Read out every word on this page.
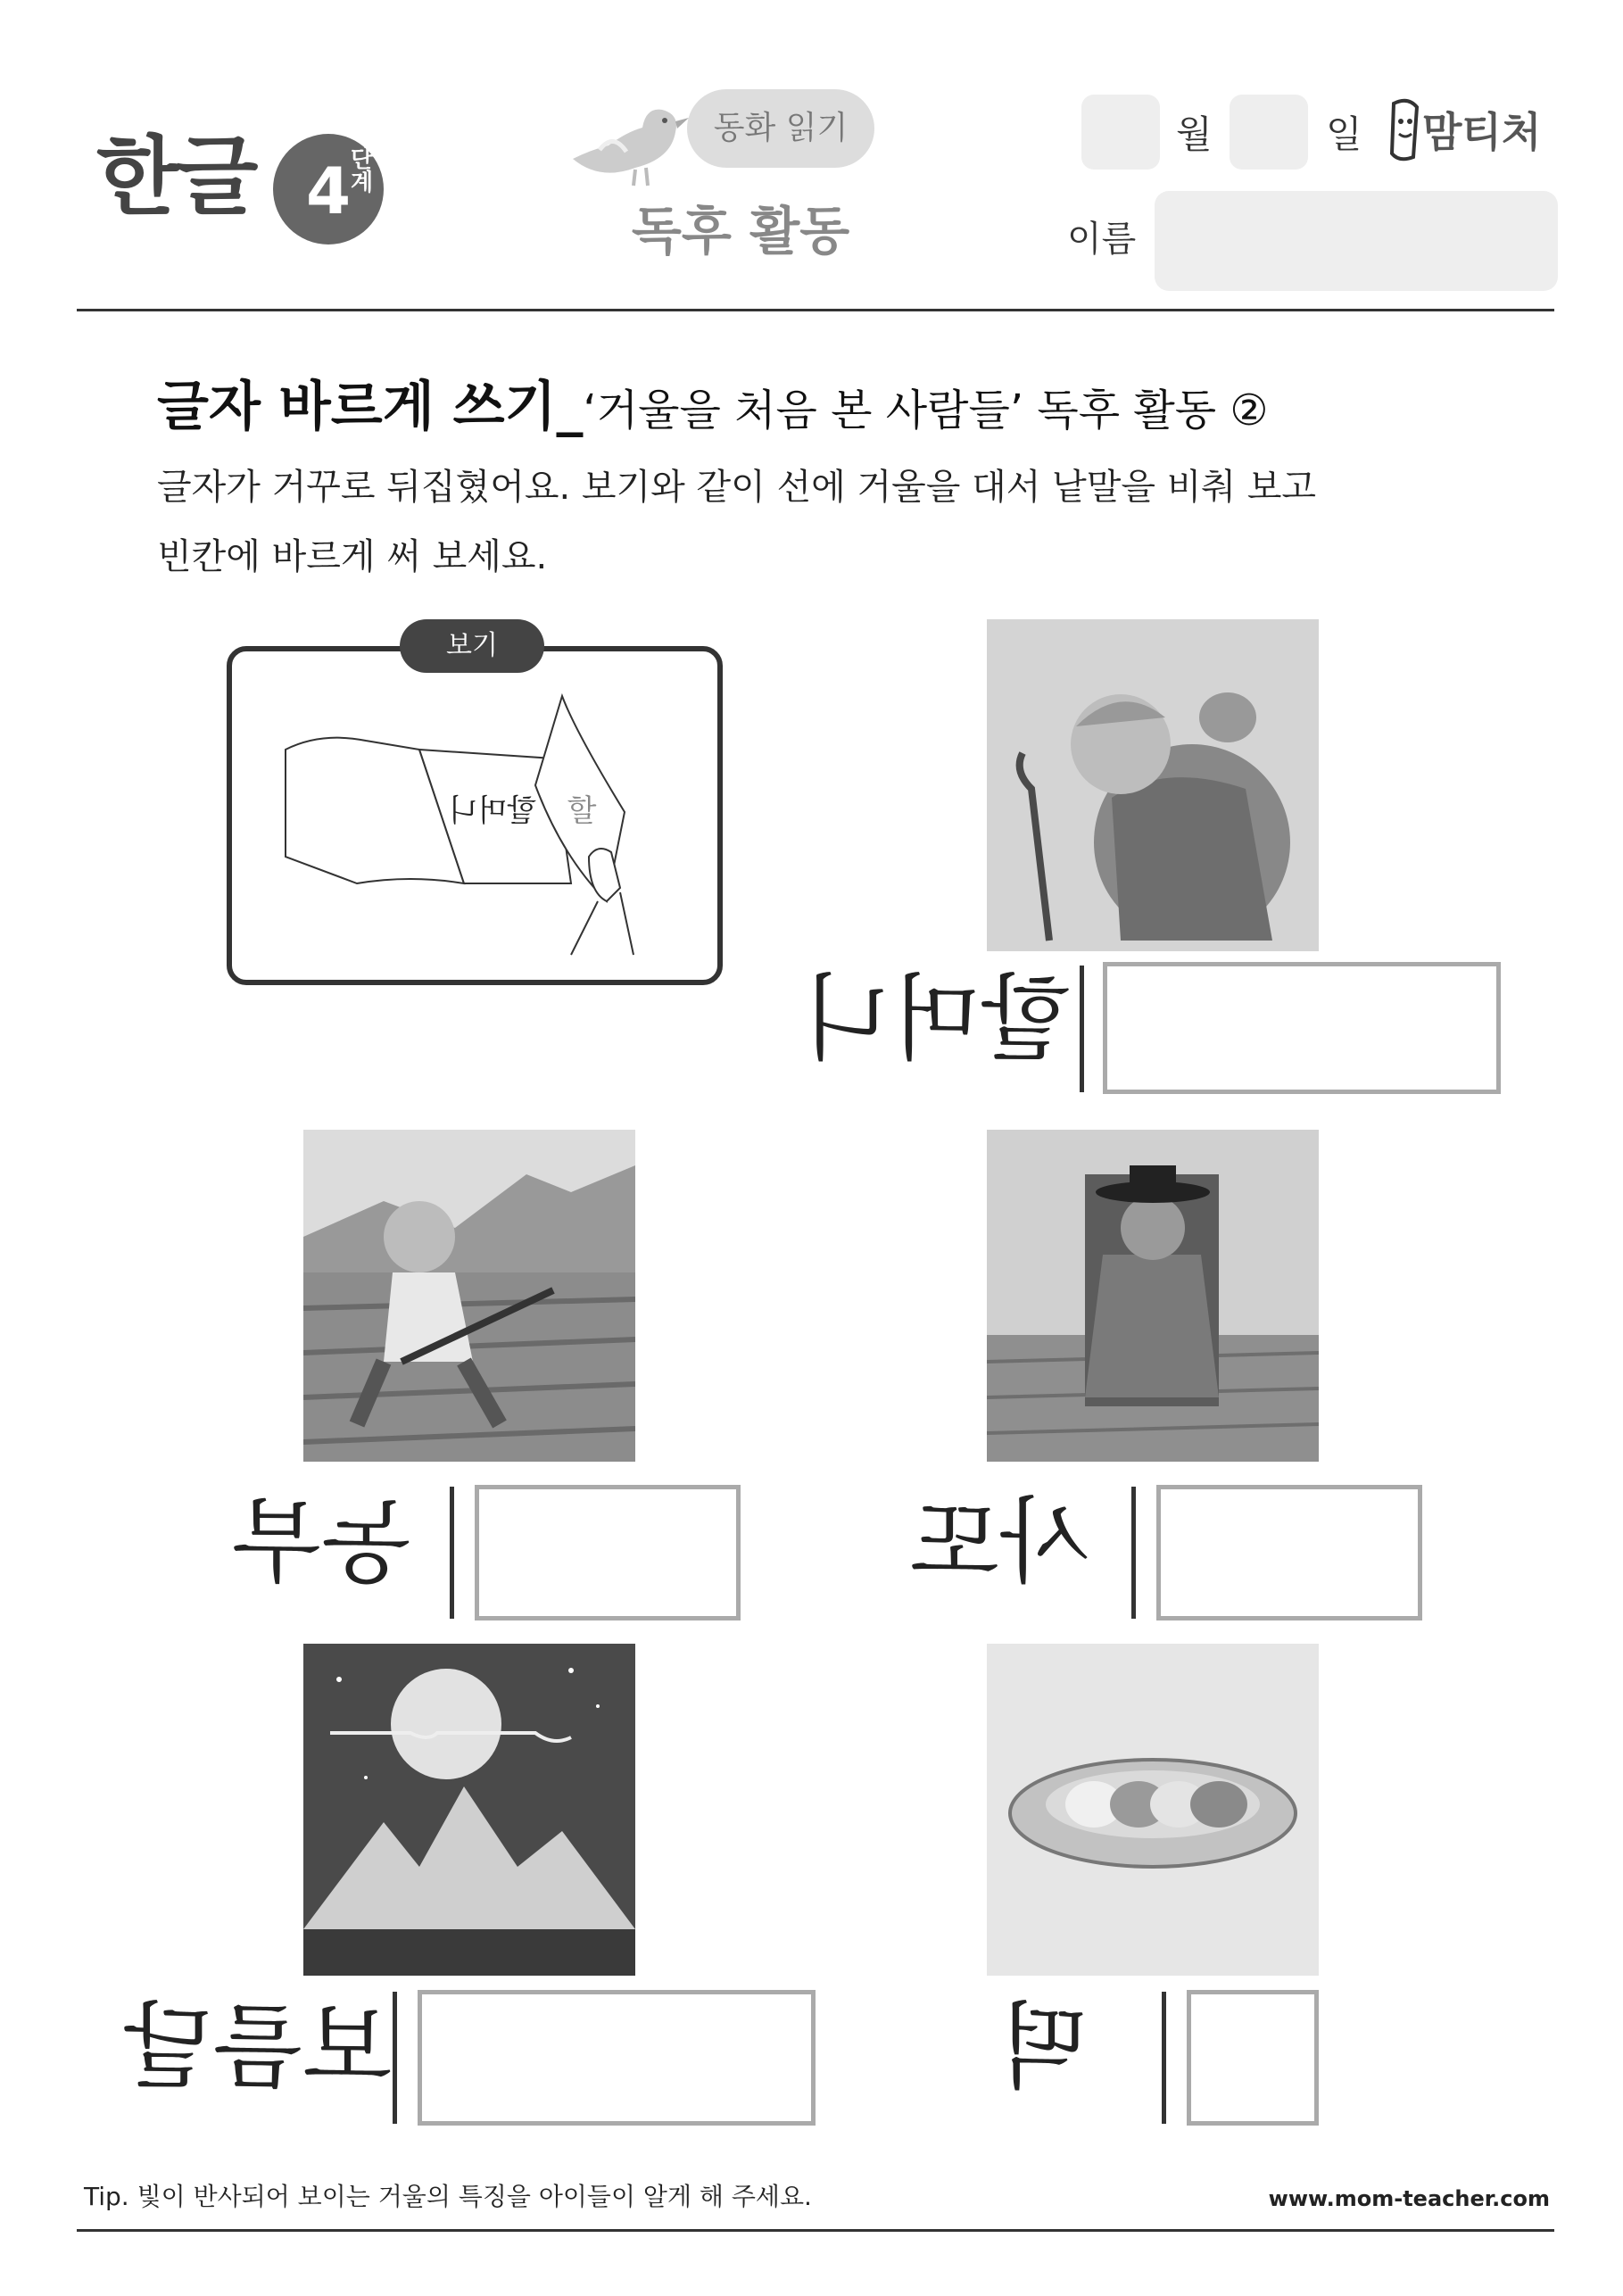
한글	단계
4
동화 읽기
독후 활동
월	일 맘티처
이름
글자 바르게 쓰기_‘거울을 처음 본 사람들’ 독후 활동 ②
글자가 거꾸로 뒤집혔어요. 보기와 같이 선에 거울을 대서 낱말을 비춰 보고
빈칸에 바르게 써 보세요.
보기
할머니 할
할머니
농부	사또
보름달	떡
Tip. 빛이 반사되어 보이는 거울의 특징을 아이들이 알게 해 주세요.	www.mom-teacher.com
